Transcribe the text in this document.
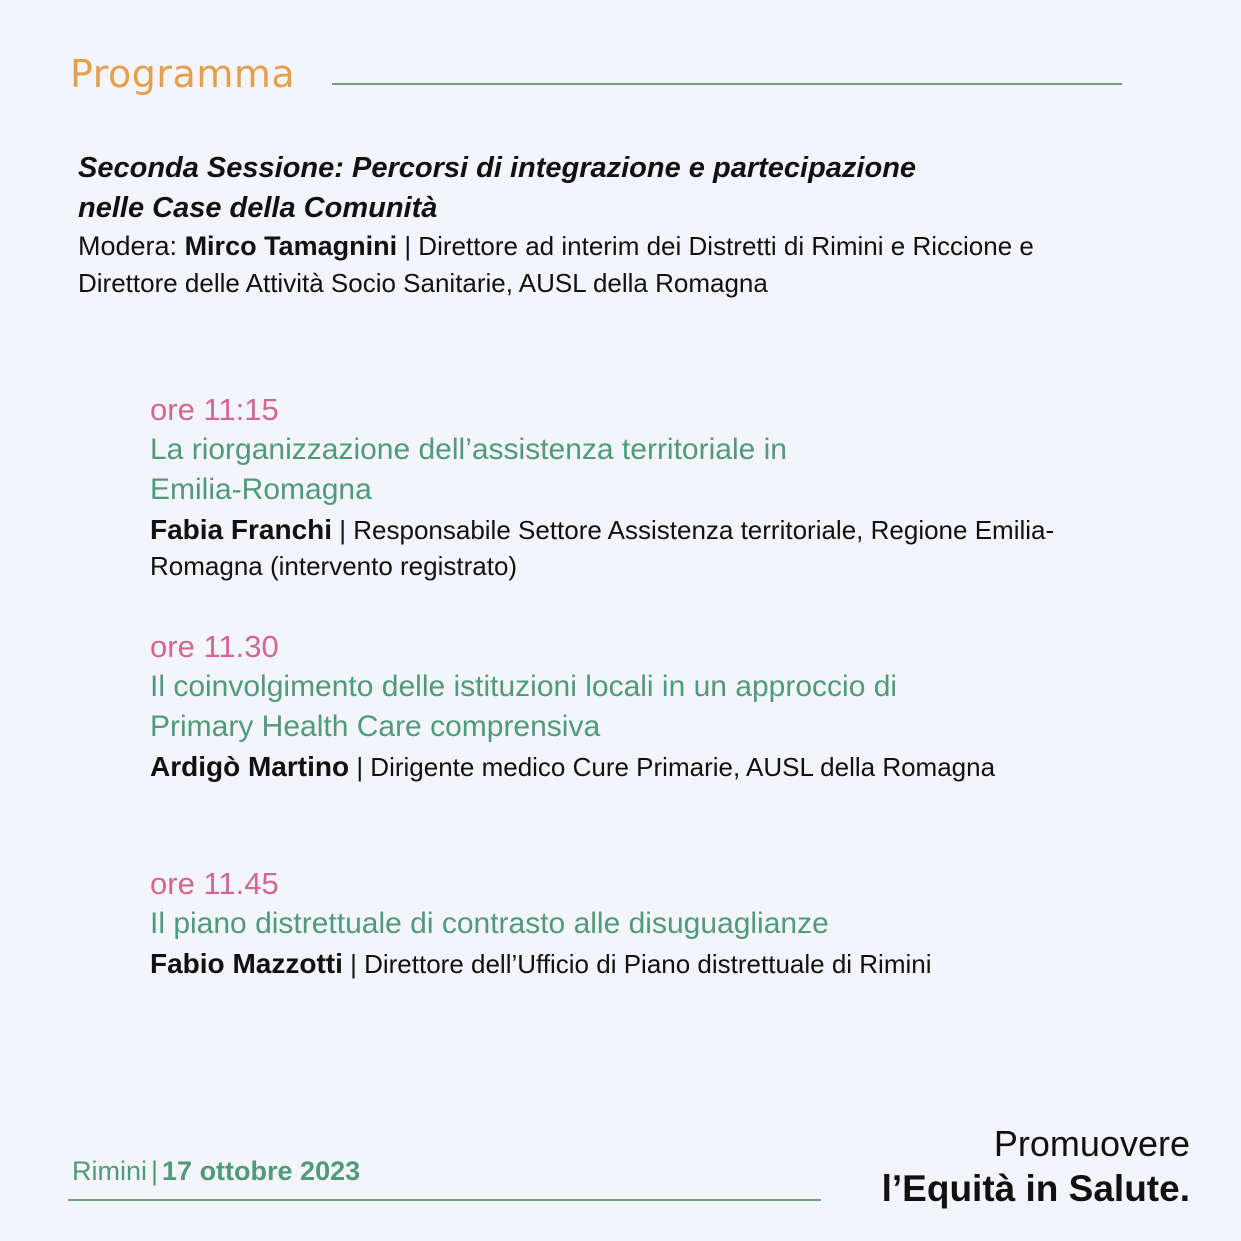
Programma
Seconda Sessione: Percorsi di integrazione e partecipazione
nelle Case della Comunità
Modera: Mirco Tamagnini | Direttore ad interim dei Distretti di Rimini e Riccione e Direttore delle Attività Socio Sanitarie, AUSL della Romagna
ore 11:15
La riorganizzazione dell’assistenza territoriale in
Emilia-Romagna
Fabia Franchi | Responsabile Settore Assistenza territoriale, Regione Emilia-Romagna (intervento registrato)
ore 11.30
Il coinvolgimento delle istituzioni locali in un approccio di
Primary Health Care comprensiva
Ardigò Martino | Dirigente medico Cure Primarie, AUSL della Romagna
ore 11.45
Il piano distrettuale di contrasto alle disuguaglianze
Fabio Mazzotti | Direttore dell’Ufficio di Piano distrettuale di Rimini
Rimini | 17 ottobre 2023
Promuovere
l’Equità in Salute.
